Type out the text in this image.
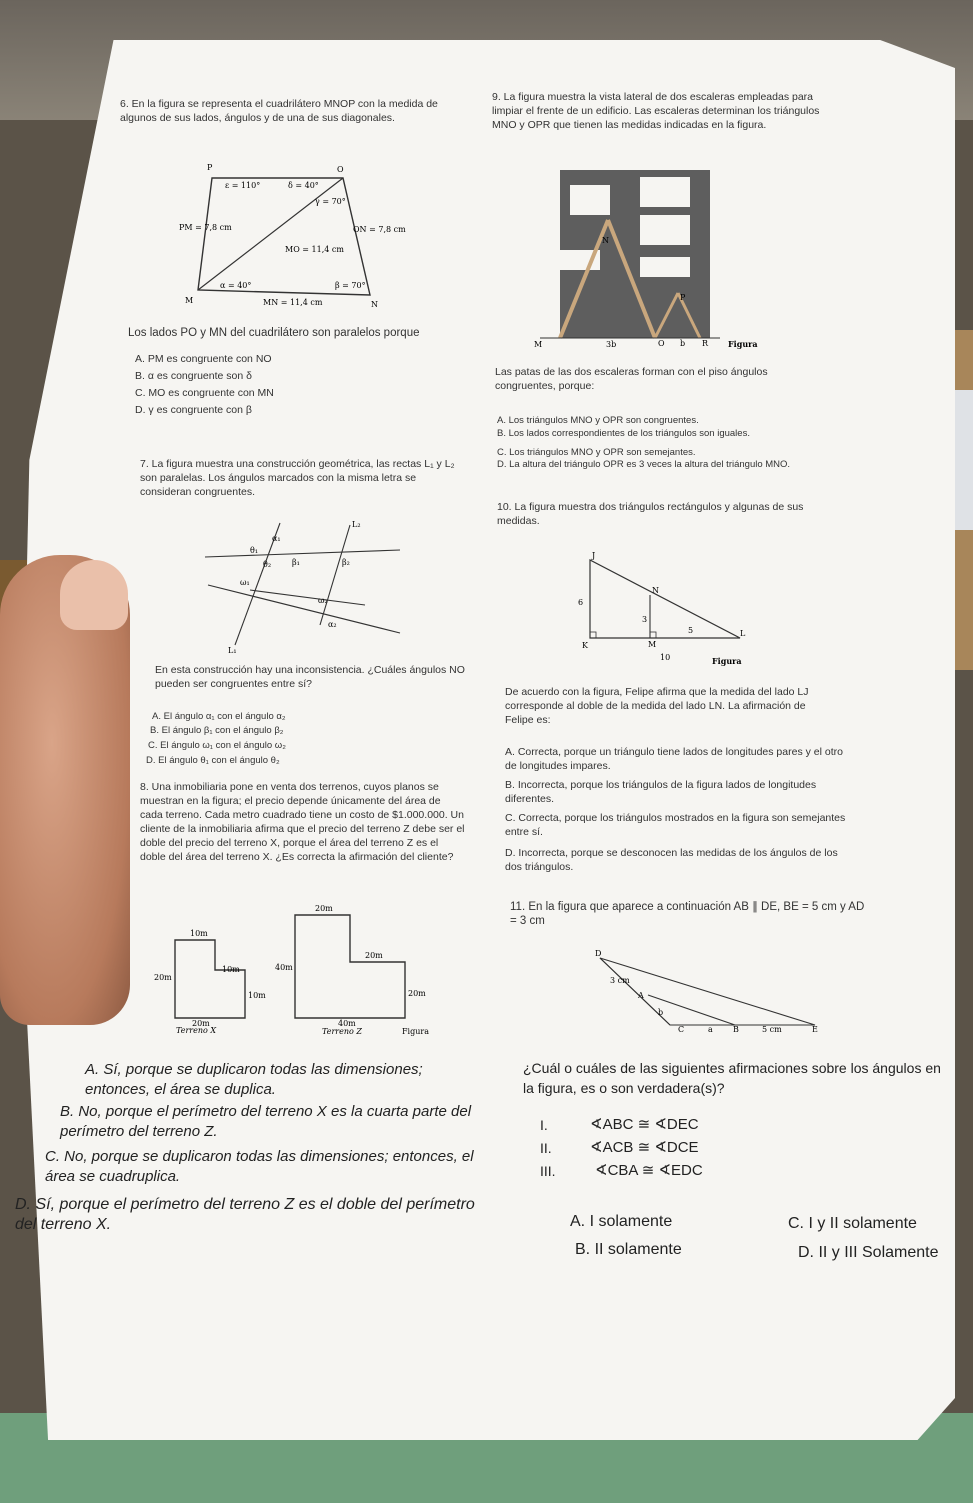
6. En la figura se representa el cuadrilátero MNOP con la medida de algunos de sus lados, ángulos y de una de sus diagonales.
P	O
M	N
ε = 110°	δ = 40°
γ = 70°
PM = 7,8 cm	ON = 7,8 cm
MO = 11,4 cm
α = 40°	β = 70°
MN = 11,4 cm
Los lados PO y MN del cuadrilátero son paralelos porque
A. PM es congruente con NO
B. α es congruente son δ
C. MO es congruente con MN
D. γ es congruente con β
7. La figura muestra una construcción geométrica, las rectas L₁ y L₂ son paralelas. Los ángulos marcados con la misma letra se consideran congruentes.
L₂
L₁
α₁
θ₁
θ₂	β₁	β₂
ω₁
ω₂
α₂
En esta construcción hay una inconsistencia. ¿Cuáles ángulos NO pueden ser congruentes entre sí?
A. El ángulo α₁ con el ángulo α₂
B. El ángulo β₁ con el ángulo β₂
C. El ángulo ω₁ con el ángulo ω₂
D. El ángulo θ₁ con el ángulo θ₂
8. Una inmobiliaria pone en venta dos terrenos, cuyos planos se muestran en la figura; el precio depende únicamente del área de cada terreno. Cada metro cuadrado tiene un costo de $1.000.000. Un cliente de la inmobiliaria afirma que el precio del terreno Z debe ser el doble del precio del terreno X, porque el área del terreno Z es el doble del área del terreno X. ¿Es correcta la afirmación del cliente?
10m
20m
10m
10m
20m
Terreno X
20m
40m
20m
20m
40m
Terreno Z	Figura
A. Sí, porque se duplicaron todas las dimensiones; entonces, el área se duplica.
B. No, porque el perímetro del terreno X es la cuarta parte del perímetro del terreno Z.
C. No, porque se duplicaron todas las dimensiones; entonces, el área se cuadruplica.
D. Sí, porque el perímetro del terreno Z es el doble del perímetro del terreno X.
9. La figura muestra la vista lateral de dos escaleras empleadas para limpiar el frente de un edificio. Las escaleras determinan los triángulos MNO y OPR que tienen las medidas indicadas en la figura.
M	3b	O b R
N
P
Figura
Las patas de las dos escaleras forman con el piso ángulos congruentes, porque:
A. Los triángulos MNO y OPR son congruentes.
B. Los lados correspondientes de los triángulos son iguales.
C. Los triángulos MNO y OPR son semejantes.
D. La altura del triángulo OPR es 3 veces la altura del triángulo MNO.
10. La figura muestra dos triángulos rectángulos y algunas de sus medidas.
J
6
N
3
5
K	M
L
10	Figura
De acuerdo con la figura, Felipe afirma que la medida del lado LJ corresponde al doble de la medida del lado LN. La afirmación de Felipe es:
A. Correcta, porque un triángulo tiene lados de longitudes pares y el otro de longitudes impares.
B. Incorrecta, porque los triángulos de la figura lados de longitudes diferentes.
C. Correcta, porque los triángulos mostrados en la figura son semejantes entre sí.
D. Incorrecta, porque se desconocen las medidas de los ángulos de los dos triángulos.
11. En la figura que aparece a continuación AB ∥ DE, BE = 5 cm y AD = 3 cm
D
3 cm
A
b
C	a	B	5 cm	E
¿Cuál o cuáles de las siguientes afirmaciones sobre los ángulos en la figura, es o son verdadera(s)?
I.	∢ABC ≅ ∢DEC
II.	∢ACB ≅ ∢DCE
III.	∢CBA ≅ ∢EDC
A. I solamente	C. I y II solamente
B. II solamente	D. II y III Solamente
